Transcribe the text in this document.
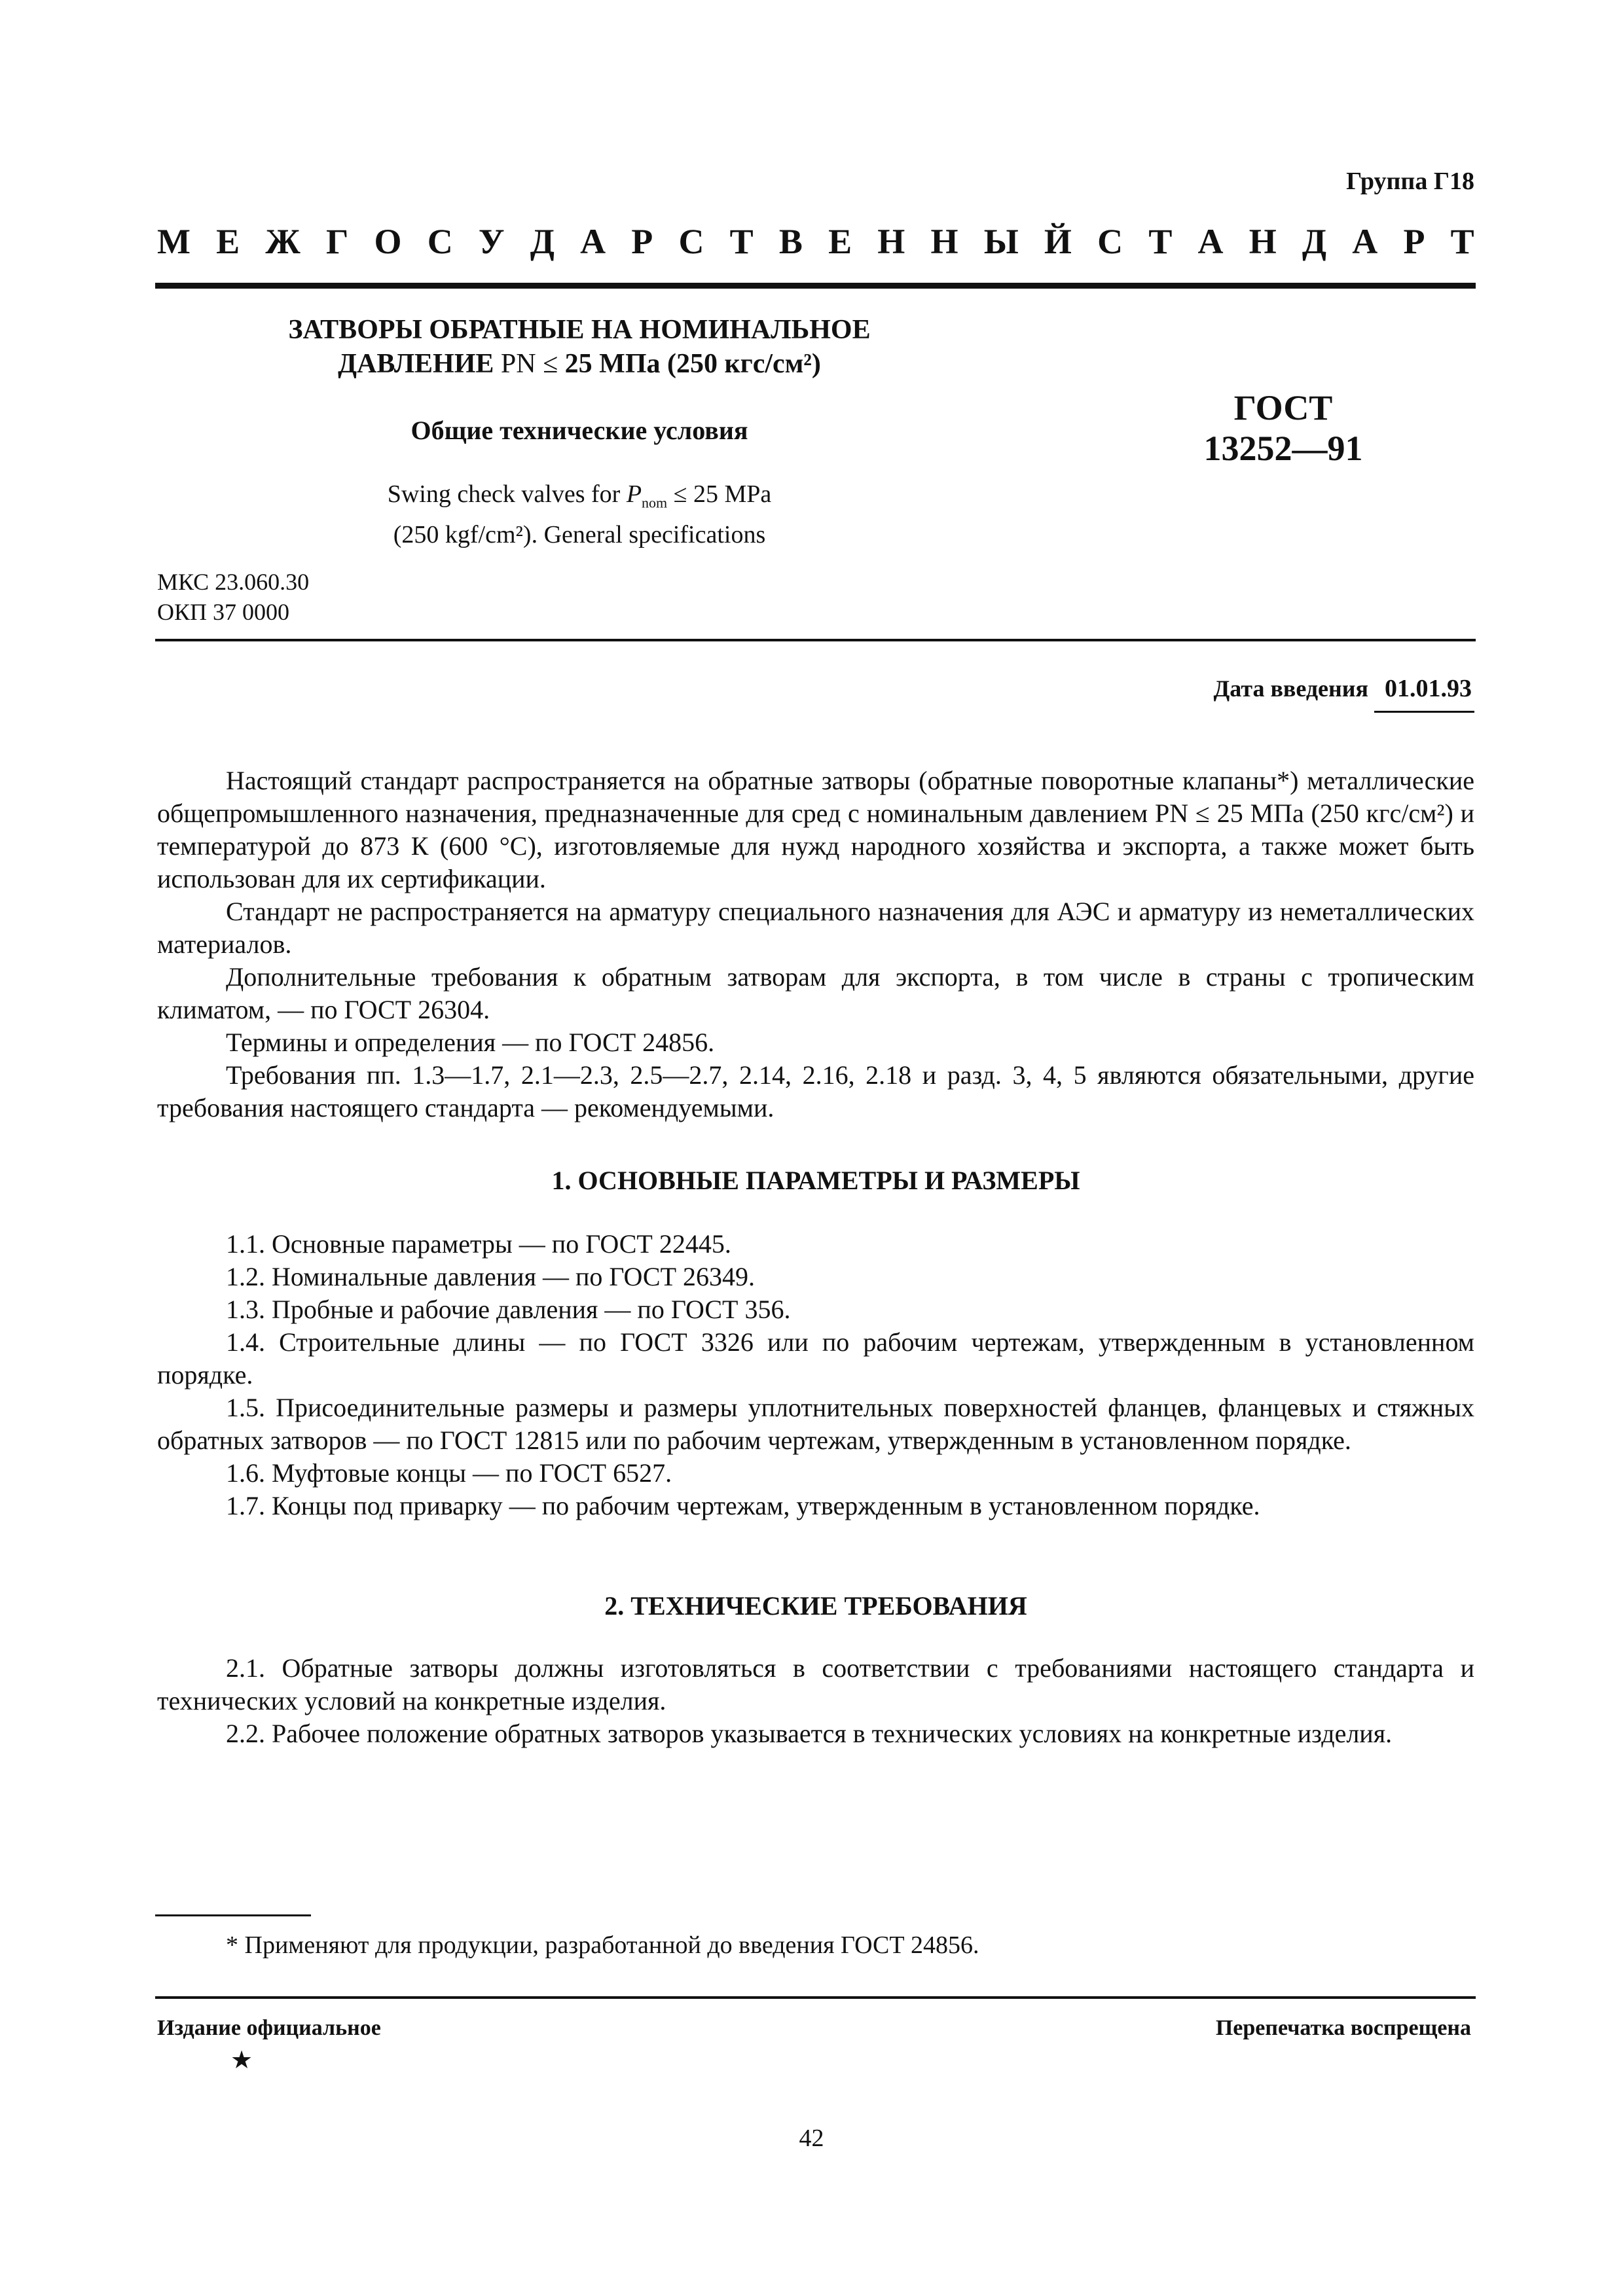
Группа Г18
М Е Ж Г О С У Д А Р С Т В Е Н Н Ы Й С Т А Н Д А Р Т
ЗАТВОРЫ ОБРАТНЫЕ НА НОМИНАЛЬНОЕ
ДАВЛЕНИЕ PN ≤ 25 МПа (250 кгс/см²)
Общие технические условия
Swing check valves for $P_{nom} \le 25$ MPa
(250 kgf/cm²). General specifications
ГОСТ
13252—91
МКС 23.060.30
ОКП 37 0000
Дата введения 01.01.93

Настоящий стандарт распространяется на обратные затворы (обратные поворотные клапаны*) металлические общепромышленного назначения, предназначенные для сред с номинальным давлением PN ≤ 25 МПа (250 кгс/см²) и температурой до 873 К (600 °С), изготовляемые для нужд народного хозяйства и экспорта, а также может быть использован для их сертификации.

Стандарт не распространяется на арматуру специального назначения для АЭС и арматуру из неметаллических материалов.

Дополнительные требования к обратным затворам для экспорта, в том числе в страны с тропическим климатом, — по ГОСТ 26304.

Термины и определения — по ГОСТ 24856.

Требования пп. 1.3—1.7, 2.1—2.3, 2.5—2.7, 2.14, 2.16, 2.18 и разд. 3, 4, 5 являются обязательными, другие требования настоящего стандарта — рекомендуемыми.

1. ОСНОВНЫЕ ПАРАМЕТРЫ И РАЗМЕРЫ

1.1. Основные параметры — по ГОСТ 22445.

1.2. Номинальные давления — по ГОСТ 26349.

1.3. Пробные и рабочие давления — по ГОСТ 356.

1.4. Строительные длины — по ГОСТ 3326 или по рабочим чертежам, утвержденным в установленном порядке.

1.5. Присоединительные размеры и размеры уплотнительных поверхностей фланцев, фланцевых и стяжных обратных затворов — по ГОСТ 12815 или по рабочим чертежам, утвержденным в установленном порядке.

1.6. Муфтовые концы — по ГОСТ 6527.

1.7. Концы под приварку — по рабочим чертежам, утвержденным в установленном порядке.

2. ТЕХНИЧЕСКИЕ ТРЕБОВАНИЯ

2.1. Обратные затворы должны изготовляться в соответствии с требованиями настоящего стандарта и технических условий на конкретные изделия.

2.2. Рабочее положение обратных затворов указывается в технических условиях на конкретные изделия.

* Применяют для продукции, разработанной до введения ГОСТ 24856.
Издание официальное	Перепечатка воспрещена
★
42
